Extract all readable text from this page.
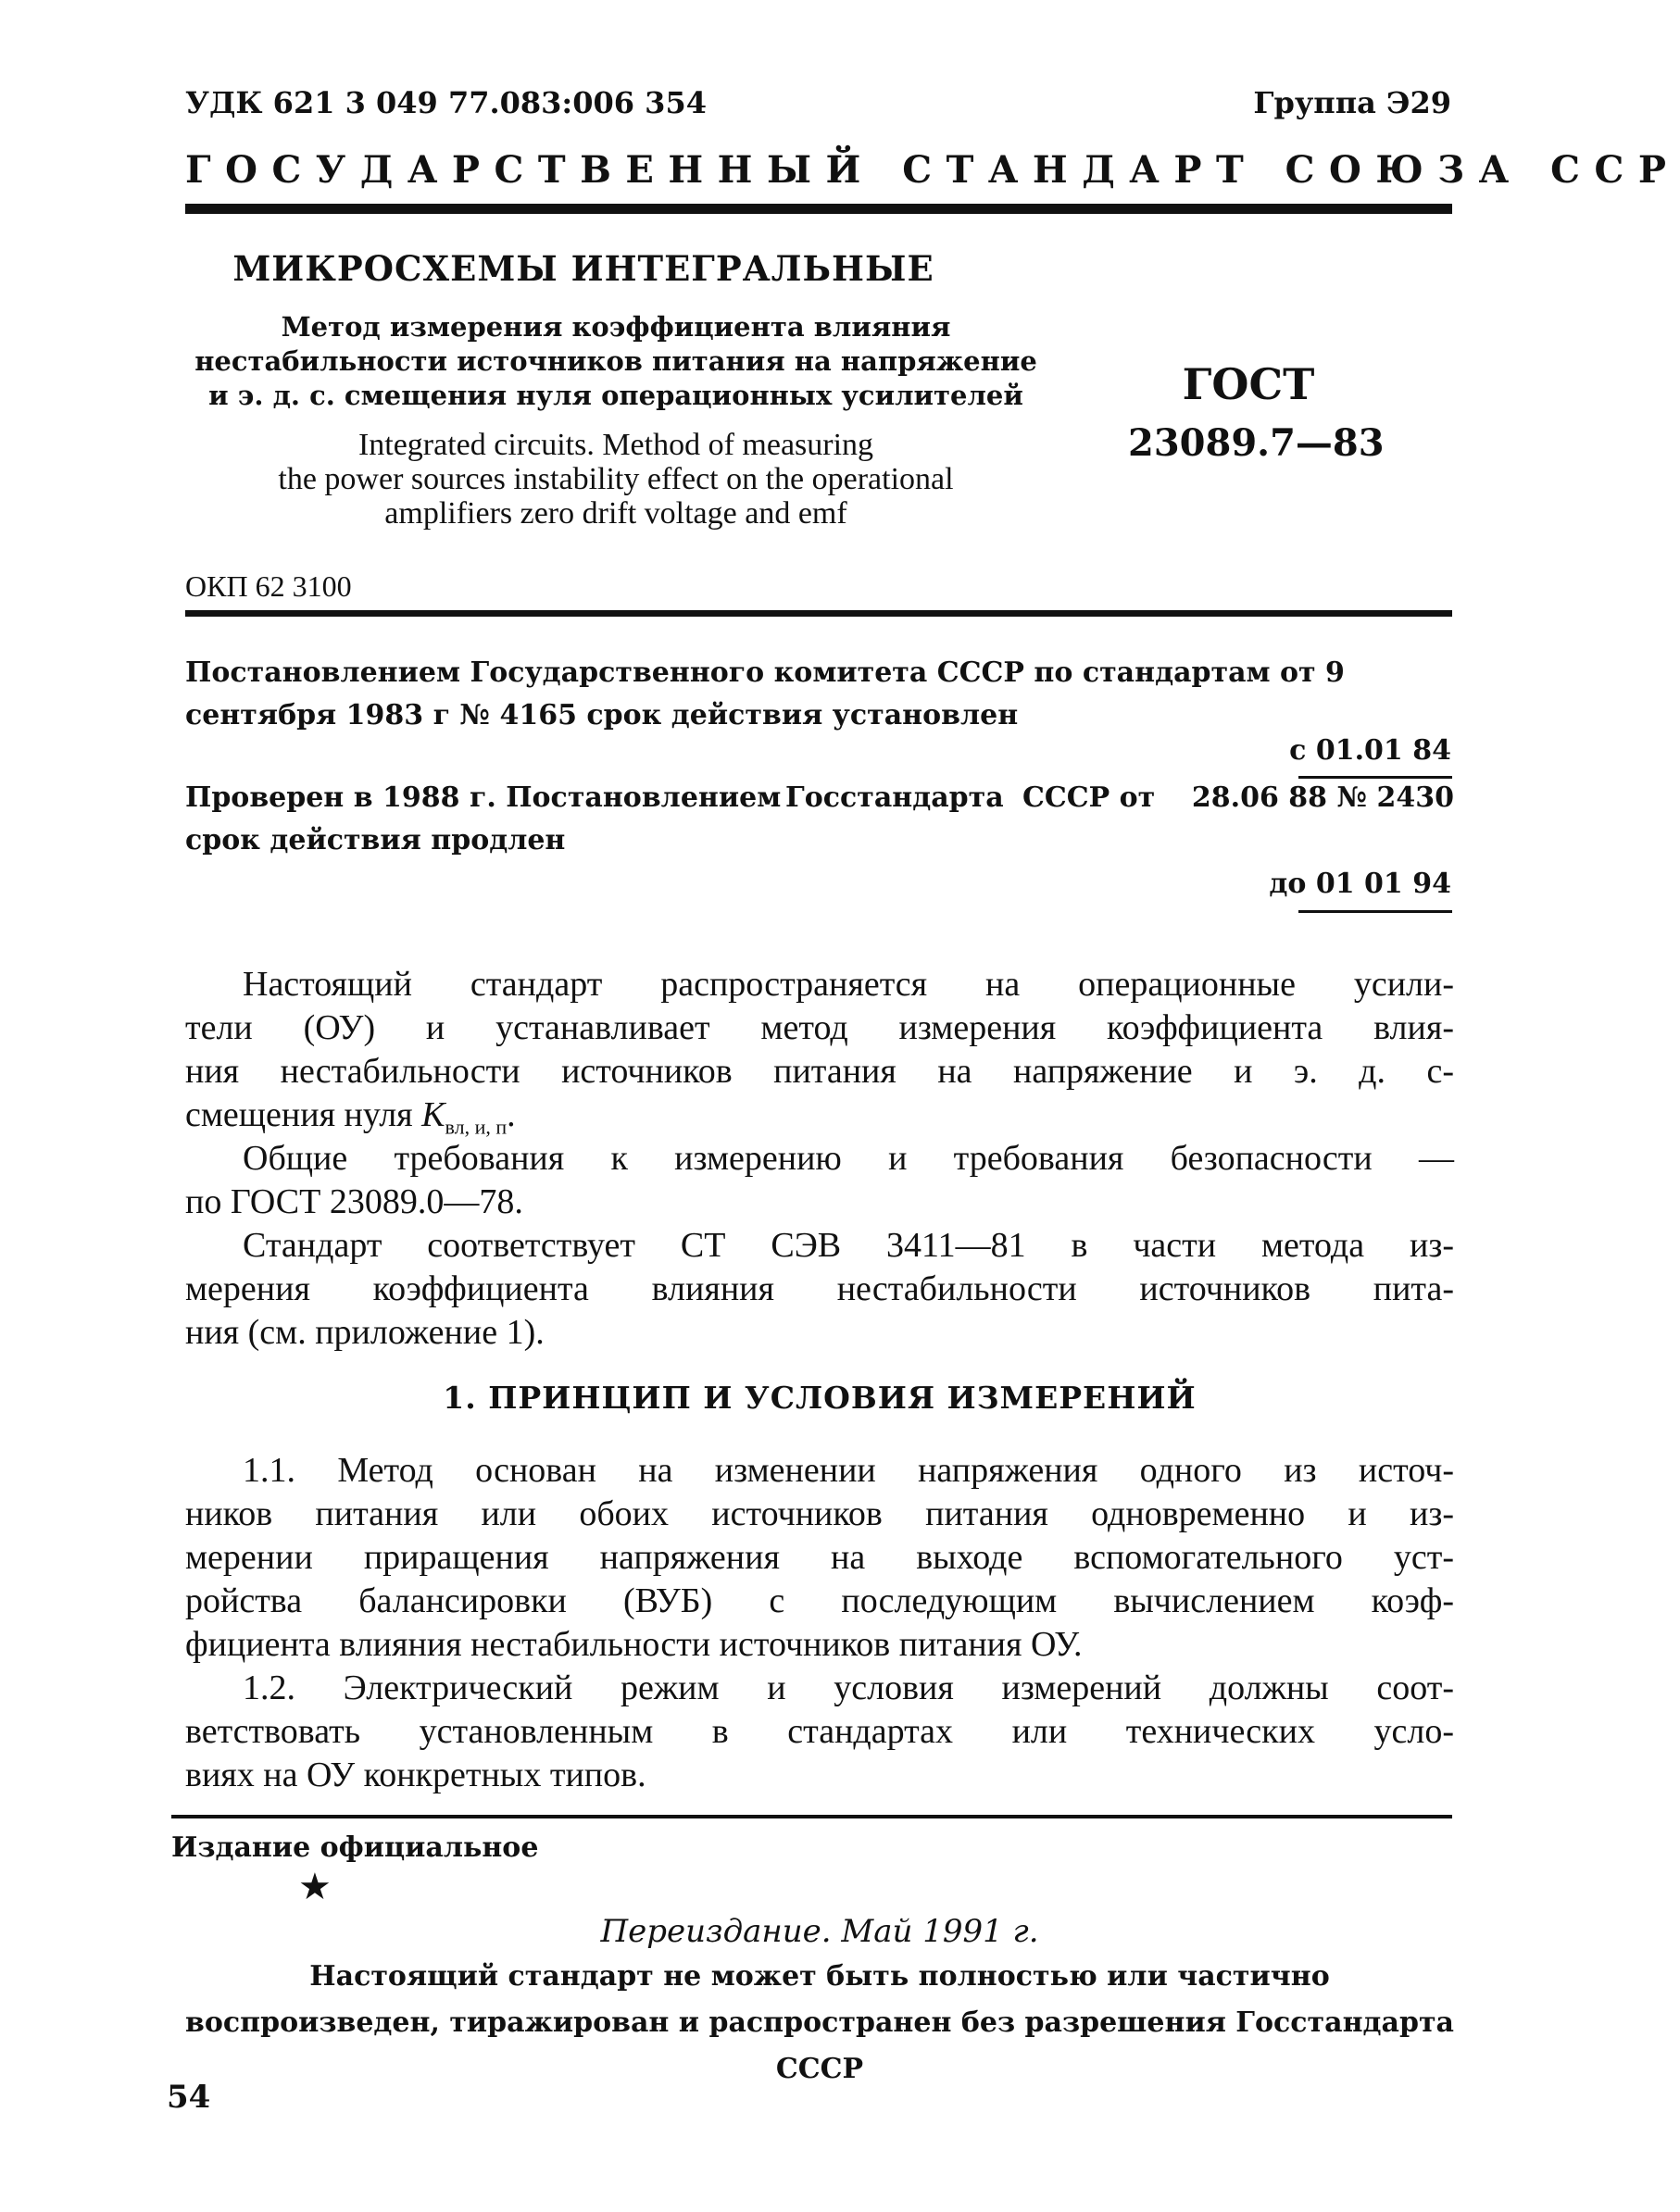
УДК 621 3 049 77.083:006 354	Группа Э29
ГОСУДАРСТВЕННЫЙ СТАНДАРТ СОЮЗА ССР
МИКРОСХЕМЫ ИНТЕГРАЛЬНЫЕ
Метод измерения коэффициента влияния
нестабильности источников питания на напряжение
и э. д. с. смещения нуля операционных усилителей
Integrated circuits. Method of measuring
the power sources instability effect on the operational
amplifiers zero drift voltage and emf
ГОСТ
23089.7—83
ОКП 62 3100
Постановлением Государственного комитета СССР по стандартам от 9 сентября 1983 г № 4165 срок действия установлен
с 01.01 84
Проверен в 1988 г. Постановлением Госстандарта СССР от 28.06 88 № 2430
срок действия продлен
до 01 01 94
Настоящий стандарт распространяется на операционные усили-
тели (ОУ) и устанавливает метод измерения коэффициента влия-
ния нестабильности источников питания на напряжение и э. д. с-
смещения нуля $K_{вл, и, п}$.
Общие требования к измерению и требования безопасности —
по ГОСТ 23089.0—78.
Стандарт соответствует СТ СЭВ 3411—81 в части метода из-
мерения коэффициента влияния нестабильности источников пита-
ния (см. приложение 1).
1. ПРИНЦИП И УСЛОВИЯ ИЗМЕРЕНИЙ
1.1. Метод основан на изменении напряжения одного из источ-
ников питания или обоих источников питания одновременно и из-
мерении приращения напряжения на выходе вспомогательного уст-
ройства балансировки (ВУБ) с последующим вычислением коэф-
фициента влияния нестабильности источников питания ОУ.
1.2. Электрический режим и условия измерений должны соот-
ветствовать установленным в стандартах или технических усло-
виях на ОУ конкретных типов.
Издание официальное
★
Переиздание. Май 1991 г.
Настоящий стандарт не может быть полностью или частично воспроизведен, тиражирован и распространен без разрешения Госстандарта СССР
54
